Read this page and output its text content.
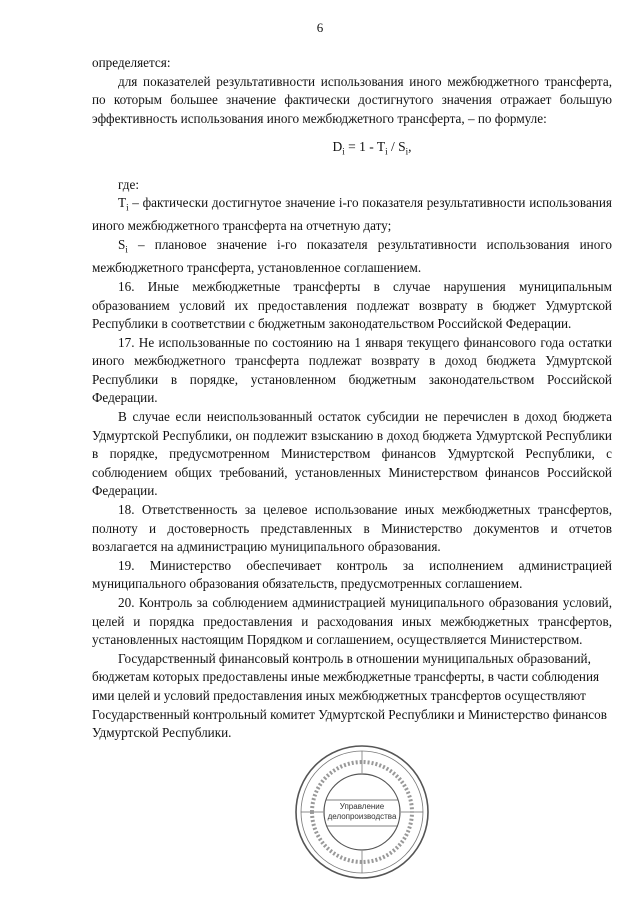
6

определяется:

для показателей результативности использования иного межбюджетного трансферта, по которым большее значение фактически достигнутого значения отражает большую эффективность использования иного межбюджетного трансферта, – по формуле:

$D_i = 1 - T_i / S_i$,

где:

$T_i$ – фактически достигнутое значение i-го показателя результативности использования иного межбюджетного трансферта на отчетную дату;

$S_i$ – плановое значение i-го показателя результативности использования иного межбюджетного трансферта, установленное соглашением.

16. Иные межбюджетные трансферты в случае нарушения муниципальным образованием условий их предоставления подлежат возврату в бюджет Удмуртской Республики в соответствии с бюджетным законодательством Российской Федерации.

17. Не использованные по состоянию на 1 января текущего финансового года остатки иного межбюджетного трансферта подлежат возврату в доход бюджета Удмуртской Республики в порядке, установленном бюджетным законодательством Российской Федерации.

В случае если неиспользованный остаток субсидии не перечислен в доход бюджета Удмуртской Республики, он подлежит взысканию в доход бюджета Удмуртской Республики в порядке, предусмотренном Министерством финансов Удмуртской Республики, с соблюдением общих требований, установленных Министерством финансов Российской Федерации.

18. Ответственность за целевое использование иных межбюджетных трансфертов, полноту и достоверность представленных в Министерство документов и отчетов возлагается на администрацию муниципального образования.

19. Министерство обеспечивает контроль за исполнением администрацией муниципального образования обязательств, предусмотренных соглашением.

20. Контроль за соблюдением администрацией муниципального образования условий, целей и порядка предоставления и расходования иных межбюджетных трансфертов, установленных настоящим Порядком и соглашением, осуществляется Министерством.

Государственный финансовый контроль в отношении муниципальных образований, бюджетам которых предоставлены иные межбюджетные трансферты, в части соблюдения ими целей и условий предоставления иных межбюджетных трансфертов осуществляют Государственный контрольный комитет Удмуртской Республики и Министерство финансов Удмуртской Республики.

Управление
делопроизводства
